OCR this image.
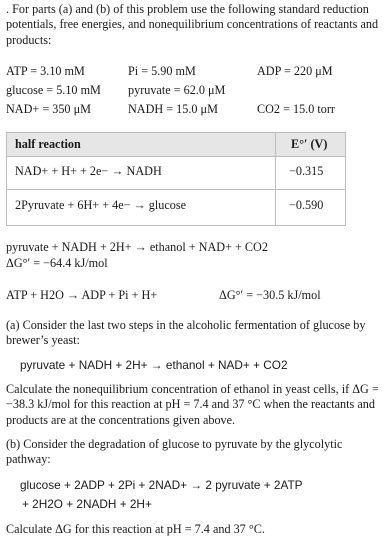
. For parts (a) and (b) of this problem use the following standard reduction potentials, free energies, and nonequilibrium concentrations of reactants and products:
ATP = 3.10 mM	Pi = 5.90 mM	ADP = 220 μM
glucose = 5.10 mM pyruvate = 62.0 μM
NAD+ = 350 μM	NADH = 15.0 μM	CO2 = 15.0 torr
half reaction	E°′ (V)
NAD+ + H+ + 2e− → NADH	−0.315
2Pyruvate + 6H+ + 4e− → glucose	−0.590
pyruvate + NADH + 2H+ → ethanol + NAD+ + CO2
ΔG°′ = −64.4 kJ/mol
ATP + H2O → ADP + Pi + H+	ΔG°′ = −30.5 kJ/mol
(a) Consider the last two steps in the alcoholic fermentation of glucose by brewer’s yeast:
pyruvate + NADH + 2H+ → ethanol + NAD+ + CO2
Calculate the nonequilibrium concentration of ethanol in yeast cells, if ΔG = −38.3 kJ/mol for this reaction at pH = 7.4 and 37 °C when the reactants and products are at the concentrations given above.
(b) Consider the degradation of glucose to pyruvate by the glycolytic pathway:
glucose + 2ADP + 2Pi + 2NAD+ → 2 pyruvate + 2ATP
+ 2H2O + 2NADH + 2H+
Calculate ΔG for this reaction at pH = 7.4 and 37 °C.
